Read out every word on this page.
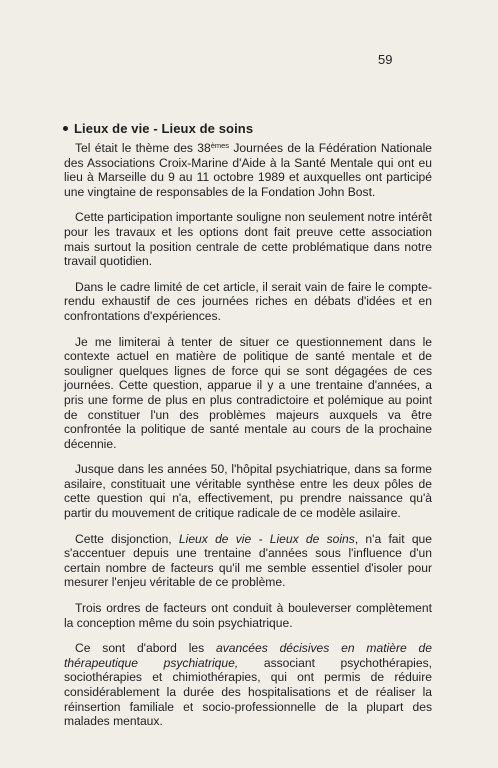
59
Lieux de vie - Lieux de soins

Tel était le thème des 38èmes Journées de la Fédération Nationale des Associations Croix-Marine d'Aide à la Santé Mentale qui ont eu lieu à Marseille du 9 au 11 octobre 1989 et auxquelles ont participé une vingtaine de responsables de la Fondation John Bost.

Cette participation importante souligne non seulement notre intérêt pour les travaux et les options dont fait preuve cette association mais surtout la position centrale de cette problématique dans notre travail quotidien.

Dans le cadre limité de cet article, il serait vain de faire le compte-rendu exhaustif de ces journées riches en débats d'idées et en confrontations d'expériences.

Je me limiterai à tenter de situer ce questionnement dans le contexte actuel en matière de politique de santé mentale et de souligner quelques lignes de force qui se sont dégagées de ces journées. Cette question, apparue il y a une trentaine d'années, a pris une forme de plus en plus contradictoire et polémique au point de constituer l'un des problèmes majeurs auxquels va être confrontée la politique de santé mentale au cours de la prochaine décennie.

Jusque dans les années 50, l'hôpital psychiatrique, dans sa forme asilaire, constituait une véritable synthèse entre les deux pôles de cette question qui n'a, effectivement, pu prendre naissance qu'à partir du mouvement de critique radicale de ce modèle asilaire.

Cette disjonction, Lieux de vie - Lieux de soins, n'a fait que s'accentuer depuis une trentaine d'années sous l'influence d'un certain nombre de facteurs qu'il me semble essentiel d'isoler pour mesurer l'enjeu véritable de ce problème.

Trois ordres de facteurs ont conduit à bouleverser complètement la conception même du soin psychiatrique.

Ce sont d'abord les avancées décisives en matière de thérapeutique psychiatrique, associant psychothérapies, sociothérapies et chimiothérapies, qui ont permis de réduire considérablement la durée des hospitalisations et de réaliser la réinsertion familiale et socio-professionnelle de la plupart des malades mentaux.
